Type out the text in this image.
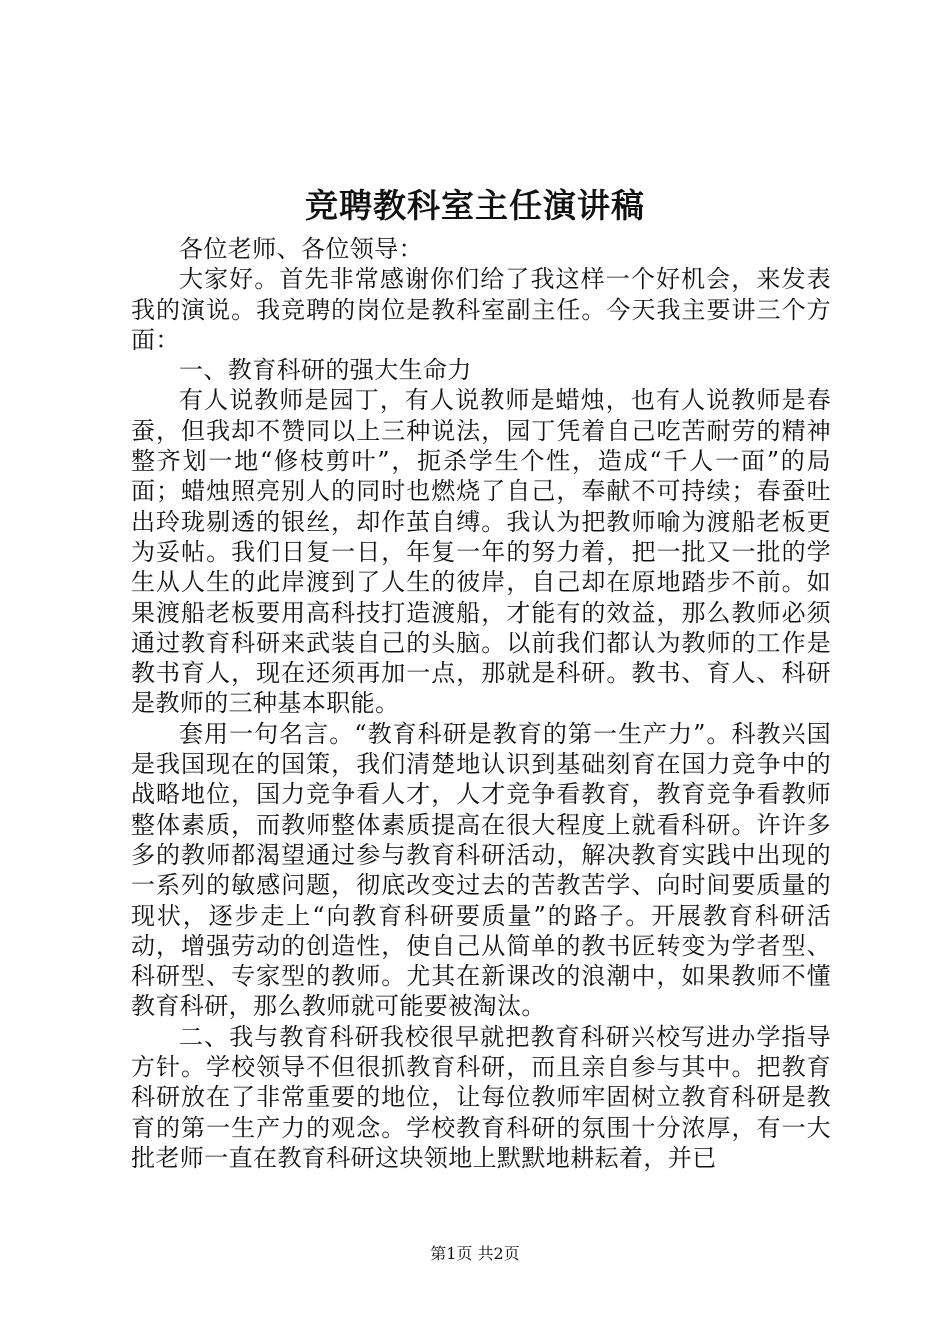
竞聘教科室主任演讲稿

各位老师、各位领导：

大家好。首先非常感谢你们给了我这样一个好机会，来发表我的演说。我竞聘的岗位是教科室副主任。今天我主要讲三个方面：

一、教育科研的强大生命力

有人说教师是园丁，有人说教师是蜡烛，也有人说教师是春蚕，但我却不赞同以上三种说法，园丁凭着自己吃苦耐劳的精神整齐划一地“修枝剪叶”，扼杀学生个性，造成“千人一面”的局面；蜡烛照亮别人的同时也燃烧了自己，奉献不可持续；春蚕吐出玲珑剔透的银丝，却作茧自缚。我认为把教师喻为渡船老板更为妥帖。我们日复一日，年复一年的努力着，把一批又一批的学生从人生的此岸渡到了人生的彼岸，自己却在原地踏步不前。如果渡船老板要用高科技打造渡船，才能有的效益，那么教师必须通过教育科研来武装自己的头脑。以前我们都认为教师的工作是教书育人，现在还须再加一点，那就是科研。教书、育人、科研是教师的三种基本职能。

套用一句名言。“教育科研是教育的第一生产力”。科教兴国是我国现在的国策，我们清楚地认识到基础刻育在国力竞争中的战略地位，国力竞争看人才，人才竞争看教育，教育竞争看教师整体素质，而教师整体素质提高在很大程度上就看科研。许许多多的教师都渴望通过参与教育科研活动，解决教育实践中出现的一系列的敏感问题，彻底改变过去的苦教苦学、向时间要质量的现状，逐步走上“向教育科研要质量”的路子。开展教育科研活动，增强劳动的创造性，使自己从简单的教书匠转变为学者型、科研型、专家型的教师。尤其在新课改的浪潮中，如果教师不懂教育科研，那么教师就可能要被淘汰。

二、我与教育科研我校很早就把教育科研兴校写进办学指导方针。学校领导不但很抓教育科研，而且亲自参与其中。把教育科研放在了非常重要的地位，让每位教师牢固树立教育科研是教育的第一生产力的观念。学校教育科研的氛围十分浓厚，有一大批老师一直在教育科研这块领地上默默地耕耘着，并已

第1页 共2页
